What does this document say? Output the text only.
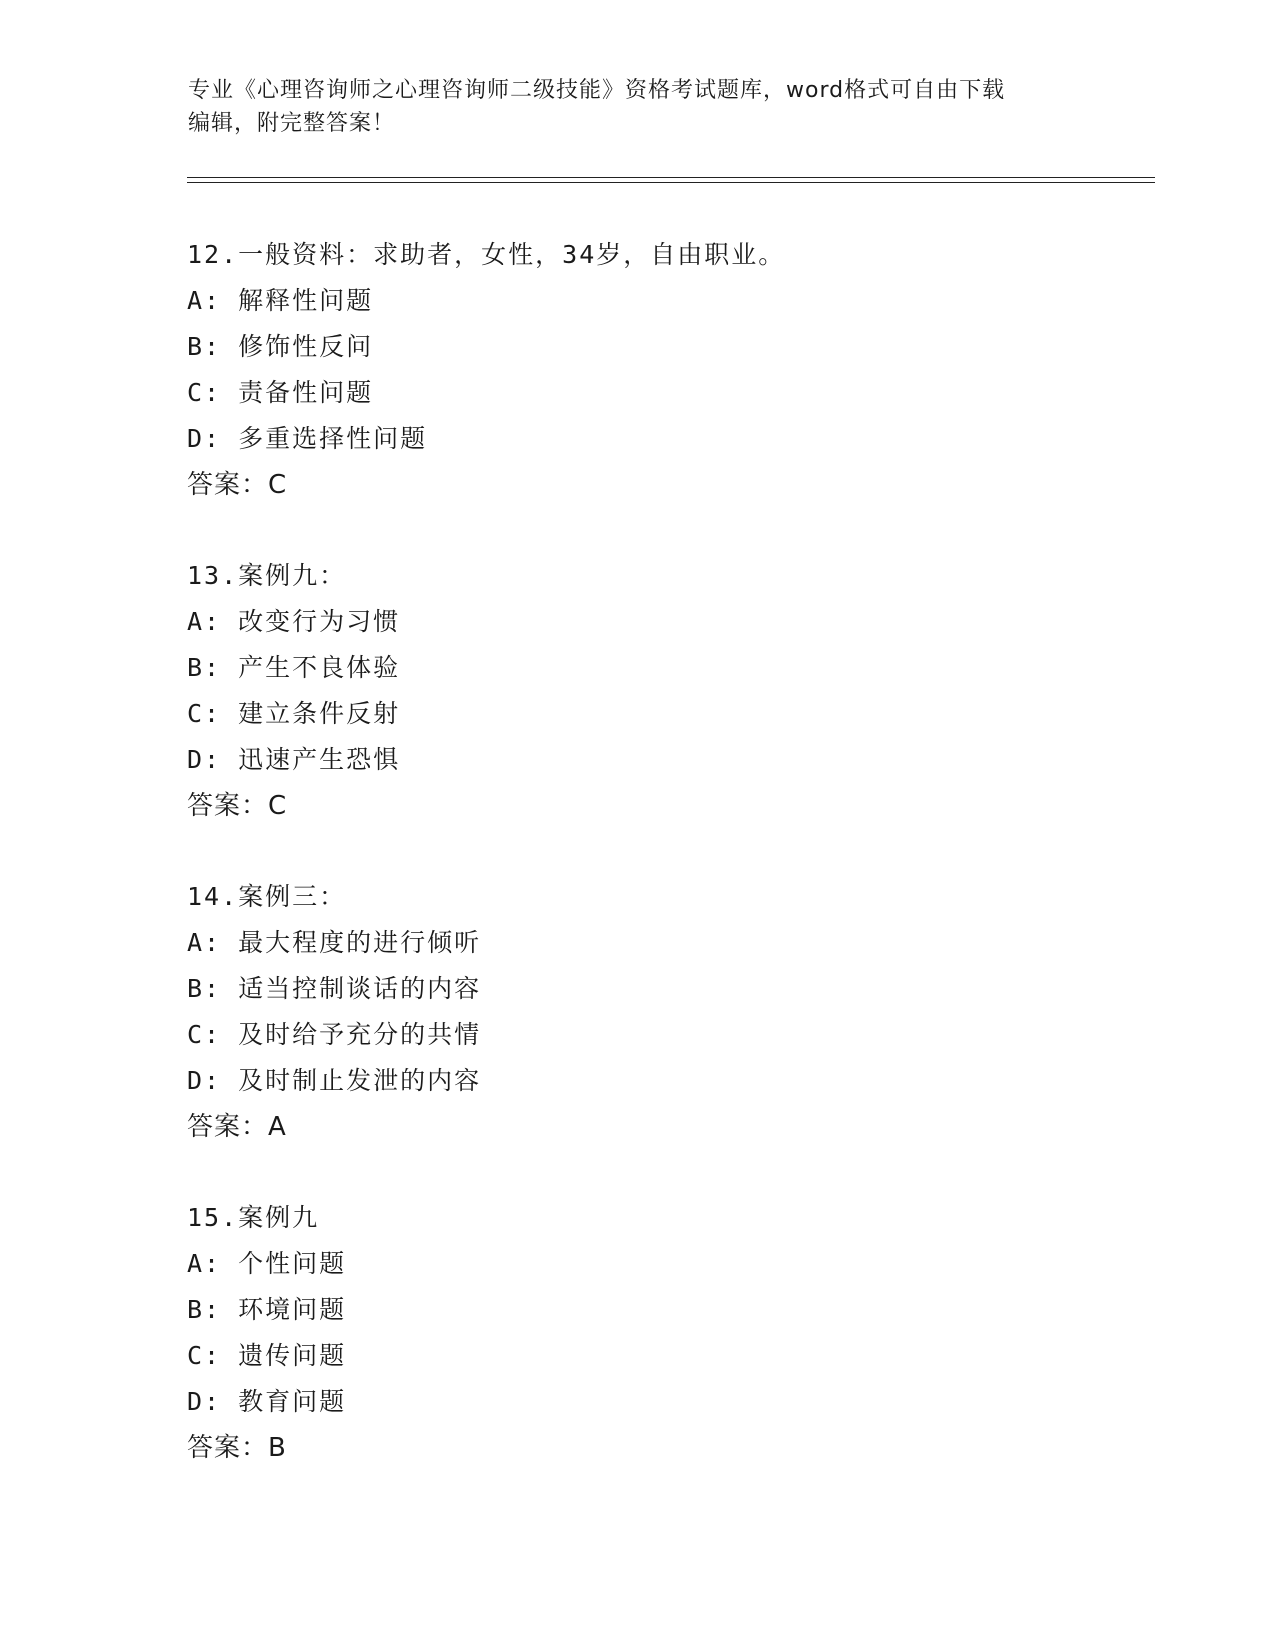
专业《心理咨询师之心理咨询师二级技能》资格考试题库，word格式可自由下载
编辑，附完整答案！
12.一般资料：求助者，女性，34岁，自由职业。
A: 解释性问题
B: 修饰性反问
C: 责备性问题
D: 多重选择性问题
答案：C
13.案例九：
A: 改变行为习惯
B: 产生不良体验
C: 建立条件反射
D: 迅速产生恐惧
答案：C
14.案例三：
A: 最大程度的进行倾听
B: 适当控制谈话的内容
C: 及时给予充分的共情
D: 及时制止发泄的内容
答案：A
15.案例九
A: 个性问题
B: 环境问题
C: 遗传问题
D: 教育问题
答案：B
